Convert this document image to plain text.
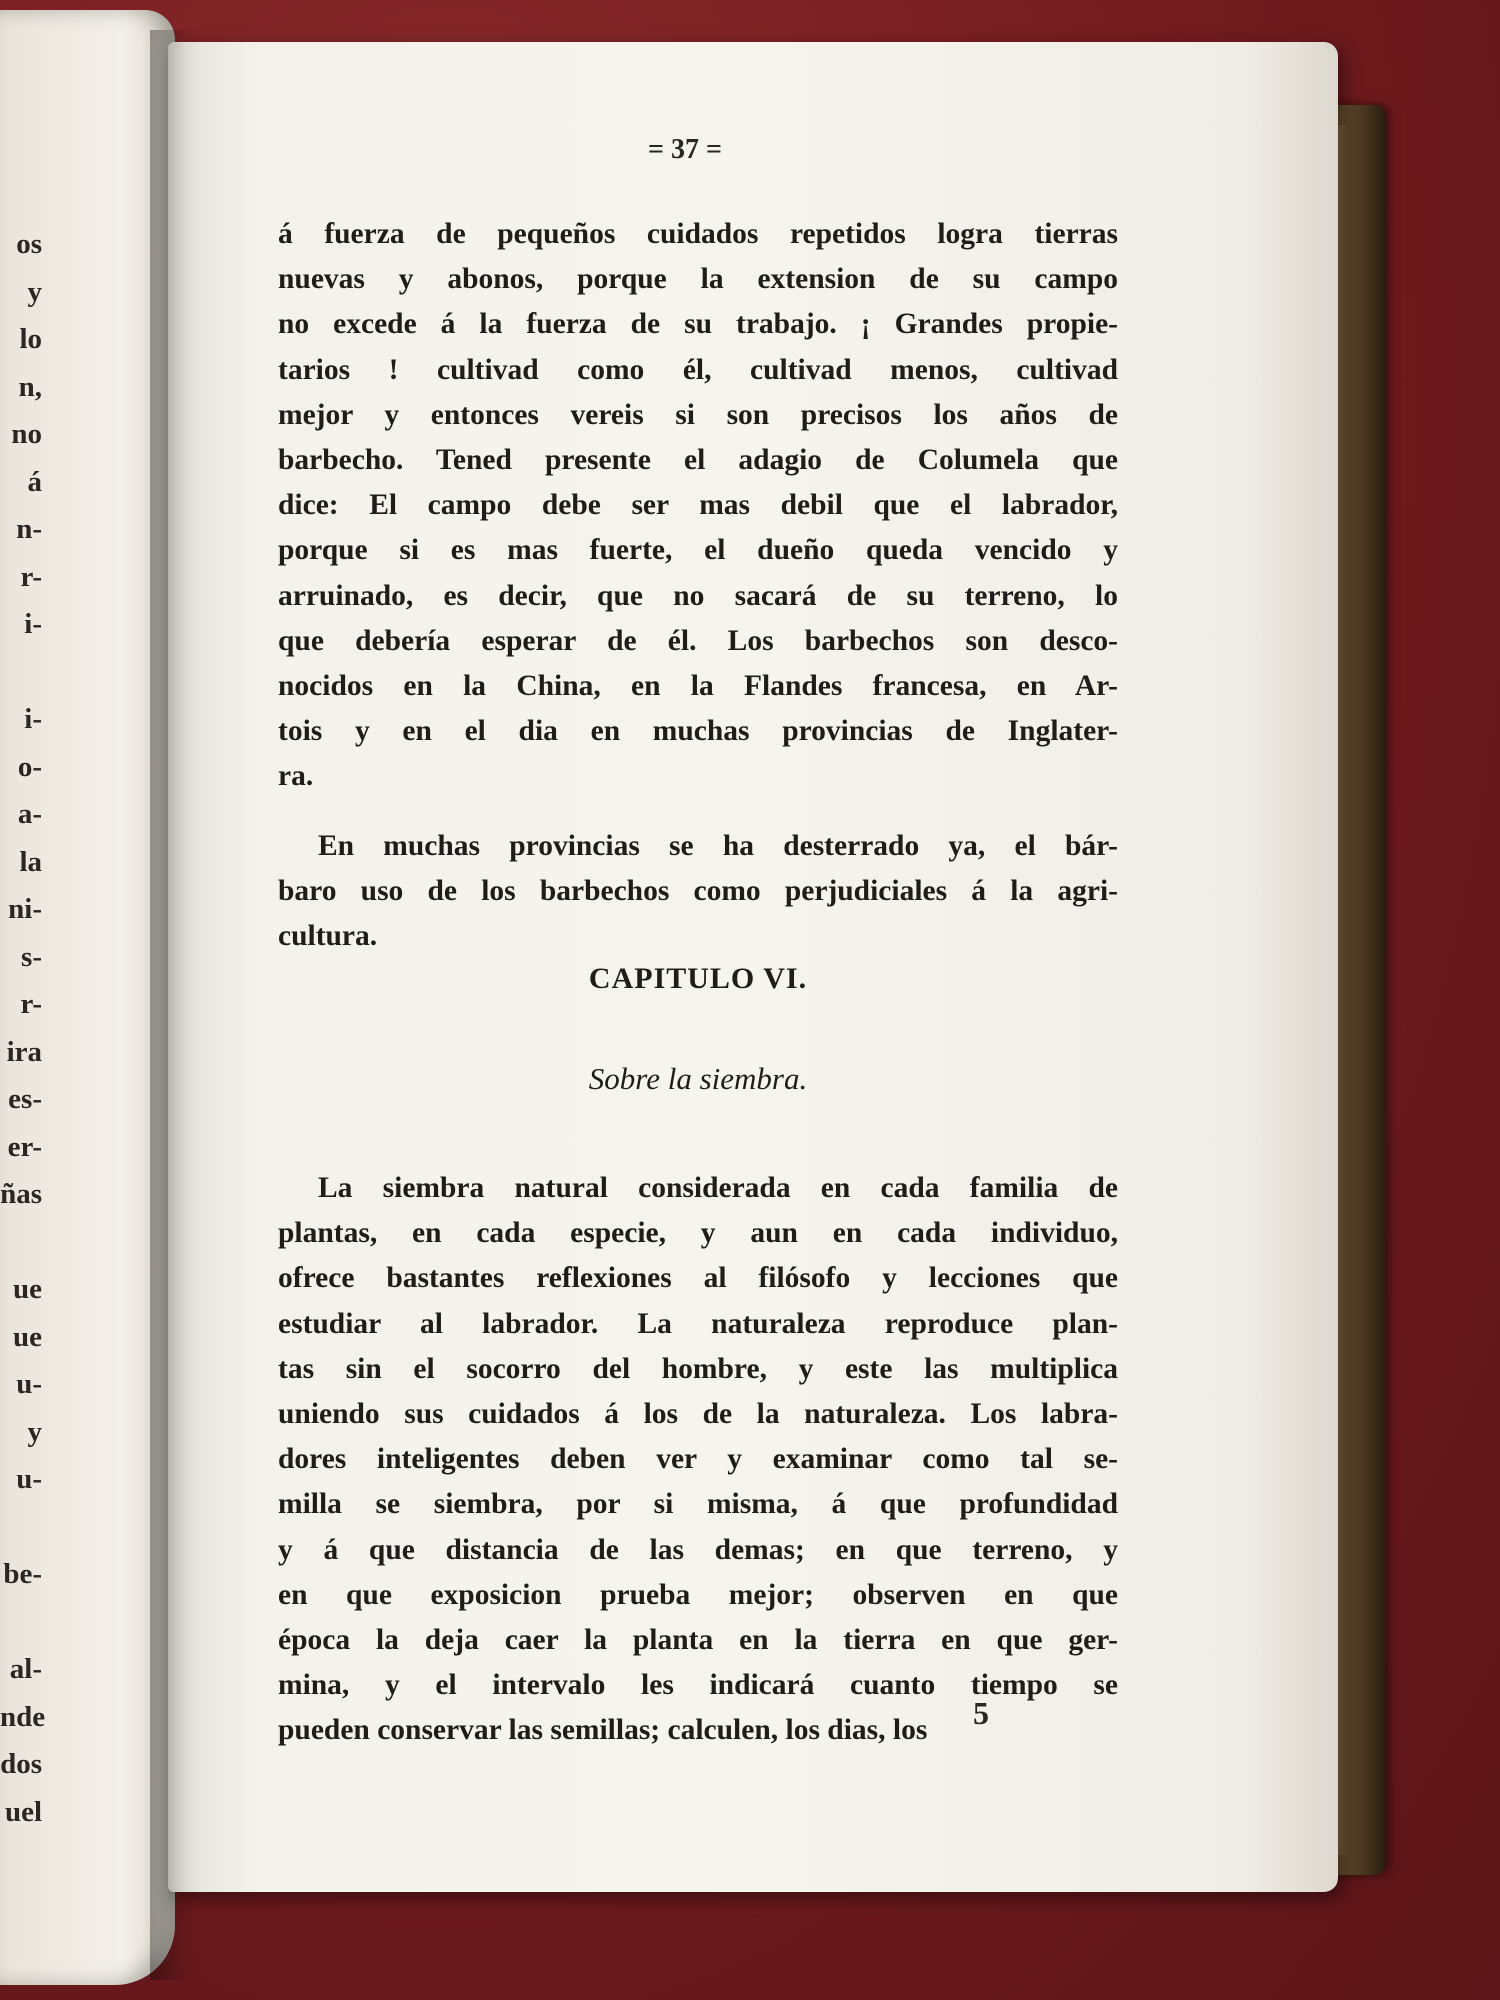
os
y
lo
n,
no
á
n-
r-
i-
i-
o-
a-
la
ni-
s-
r-
ira
es-
er-
ñas
ue
ue
u-
y
u-
be-
al-
nde
dos
uel
= 37 =
á fuerza de pequeños cuidados repetidos logra tierras
nuevas y abonos, porque la extension de su campo
no excede á la fuerza de su trabajo. ¡ Grandes propie-
tarios ! cultivad como él, cultivad menos, cultivad
mejor y entonces vereis si son precisos los años de
barbecho. Tened presente el adagio de Columela que
dice: El campo debe ser mas debil que el labrador,
porque si es mas fuerte, el dueño queda vencido y
arruinado, es decir, que no sacará de su terreno, lo
que debería esperar de él. Los barbechos son desco-
nocidos en la China, en la Flandes francesa, en Ar-
tois y en el dia en muchas provincias de Inglater-
ra.
En muchas provincias se ha desterrado ya, el bár-
baro uso de los barbechos como perjudiciales á la agri-
cultura.
CAPITULO VI.
Sobre la siembra.
La siembra natural considerada en cada familia de
plantas, en cada especie, y aun en cada individuo,
ofrece bastantes reflexiones al filósofo y lecciones que
estudiar al labrador. La naturaleza reproduce plan-
tas sin el socorro del hombre, y este las multiplica
uniendo sus cuidados á los de la naturaleza. Los labra-
dores inteligentes deben ver y examinar como tal se-
milla se siembra, por si misma, á que profundidad
y á que distancia de las demas; en que terreno, y
en que exposicion prueba mejor; observen en que
época la deja caer la planta en la tierra en que ger-
mina, y el intervalo les indicará cuanto tiempo se
pueden conservar las semillas; calculen, los dias, los	5
